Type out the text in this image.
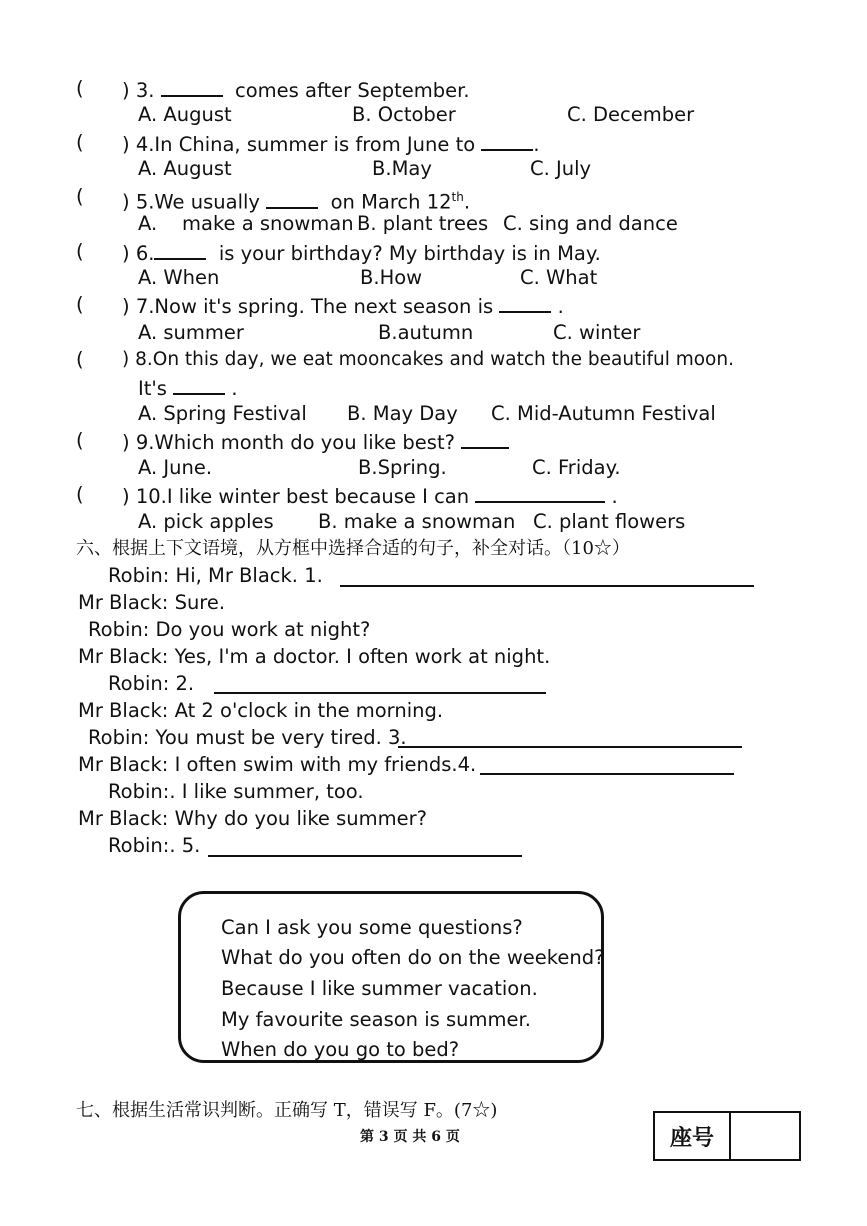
( ) 3.	comes after September.
A. August	B. October	C. December
( ) 4.In China, summer is from June to	.
A. August	B.May	C. July
( ) 5.We usually	on March 12th.
A. make a snowman B. plant trees C. sing and dance
( ) 6.	is your birthday? My birthday is in May.
A. When	B.How	C. What
( ) 7.Now it's spring. The next season is	.
A. summer	B.autumn	C. winter
( ) 8.On this day, we eat mooncakes and watch the beautiful moon.
It's	.
A. Spring Festival B. May Day C. Mid-Autumn Festival
( ) 9.Which month do you like best?
A. June.	B.Spring.	C. Friday.
( ) 10.I like winter best because I can	.
A. pick apples B. make a snowman C. plant flowers
六、根据上下文语境，从方框中选择合适的句子，补全对话。（10☆）
Robin: Hi, Mr Black. 1.
Mr Black: Sure.
Robin: Do you work at night?
Mr Black: Yes, I'm a doctor. I often work at night.
Robin: 2.
Mr Black: At 2 o'clock in the morning.
Robin: You must be very tired. 3.
Mr Black: I often swim with my friends.4.
Robin:. I like summer, too.
Mr Black: Why do you like summer?
Robin:. 5.
Can I ask you some questions?
What do you often do on the weekend?
Because I like summer vacation.
My favourite season is summer.
When do you go to bed?
七、根据生活常识判断。正确写 T，错误写 F。(7☆)
第 3 页 共 6 页	座号
